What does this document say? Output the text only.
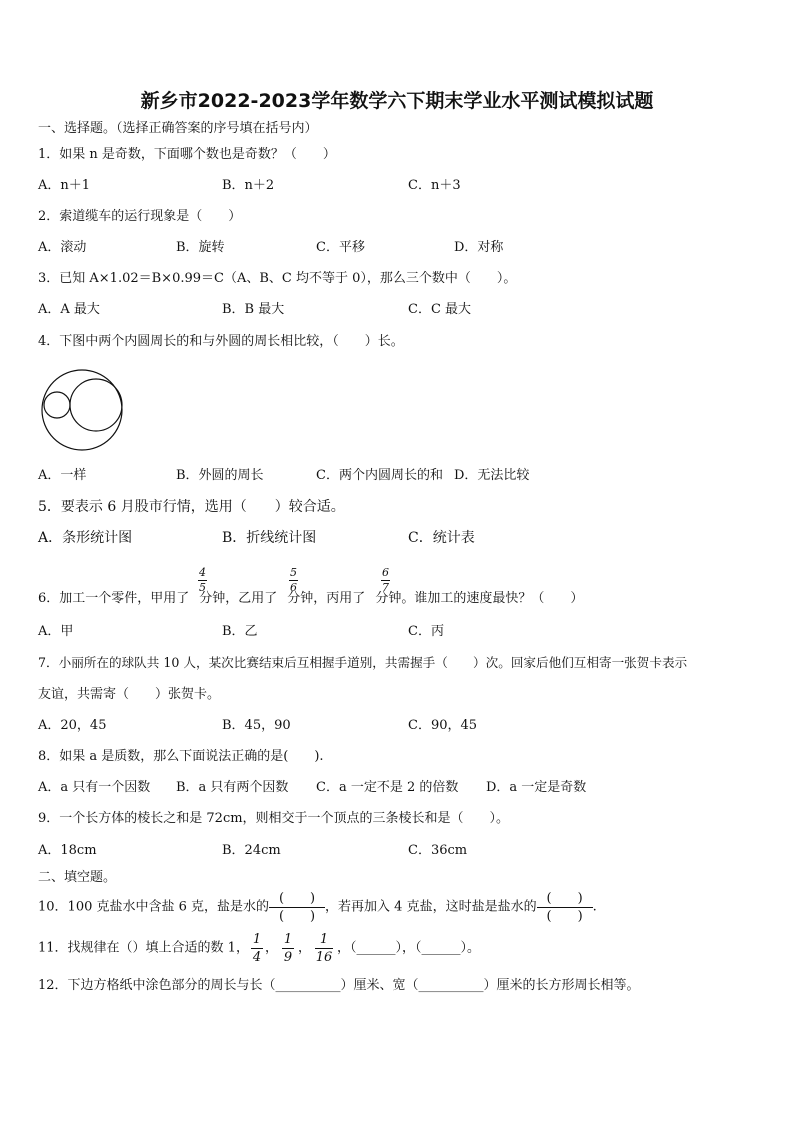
新乡市2022-2023学年数学六下期末学业水平测试模拟试题
一、选择题。（选择正确答案的序号填在括号内）
1．如果 n 是奇数，下面哪个数也是奇数？（　　）
A．n＋1	B．n＋2	C．n＋3
2．索道缆车的运行现象是（　　）
A．滚动	B．旋转	C．平移	D．对称
3．已知 A×1.02＝B×0.99＝C（A、B、C 均不等于 0），那么三个数中（　　）。
A．A 最大	B．B 最大	C．C 最大
4．下图中两个内圆周长的和与外圆的周长相比较，（　　）长。
A．一样	B．外圆的周长	C．两个内圆周长的和 D．无法比较
5．要表示 6 月股市行情，选用（　　）较合适。
A．条形统计图	B．折线统计图	C．统计表
6．加工一个零件，甲用了 分钟，乙用了 分钟，丙用了 分钟。谁加工的速度最快？（　　）
4
5
5
6
6
7
A．甲	B．乙	C．丙
7．小丽所在的球队共 10 人，某次比赛结束后互相握手道别，共需握手（　　）次。回家后他们互相寄一张贺卡表示
友谊，共需寄（　　）张贺卡。
A．20，45	B．45，90	C．90，45
8．如果 a 是质数，那么下面说法正确的是(　　).
A．a 只有一个因数 B．a 只有两个因数 C．a 一定不是 2 的倍数 D．a 一定是奇数
9．一个长方体的棱长之和是 72cm，则相交于一个顶点的三条棱长和是（　　）。
A．18cm	B．24cm	C．36cm
二、填空题。
10．100 克盐水中含盐 6 克，盐是水的 $\frac{( )}{( )}$ ，若再加入 4 克盐，这时盐是盐水的 $\frac{( )}{( )}$ .
11．找规律在（）填上合适的数 1， $\frac{1}{4}$ ， $\frac{1}{9}$ ， $\frac{1}{16}$ ，（______），（______）。
12．下边方格纸中涂色部分的周长与长（__________）厘米、宽（__________）厘米的长方形周长相等。
